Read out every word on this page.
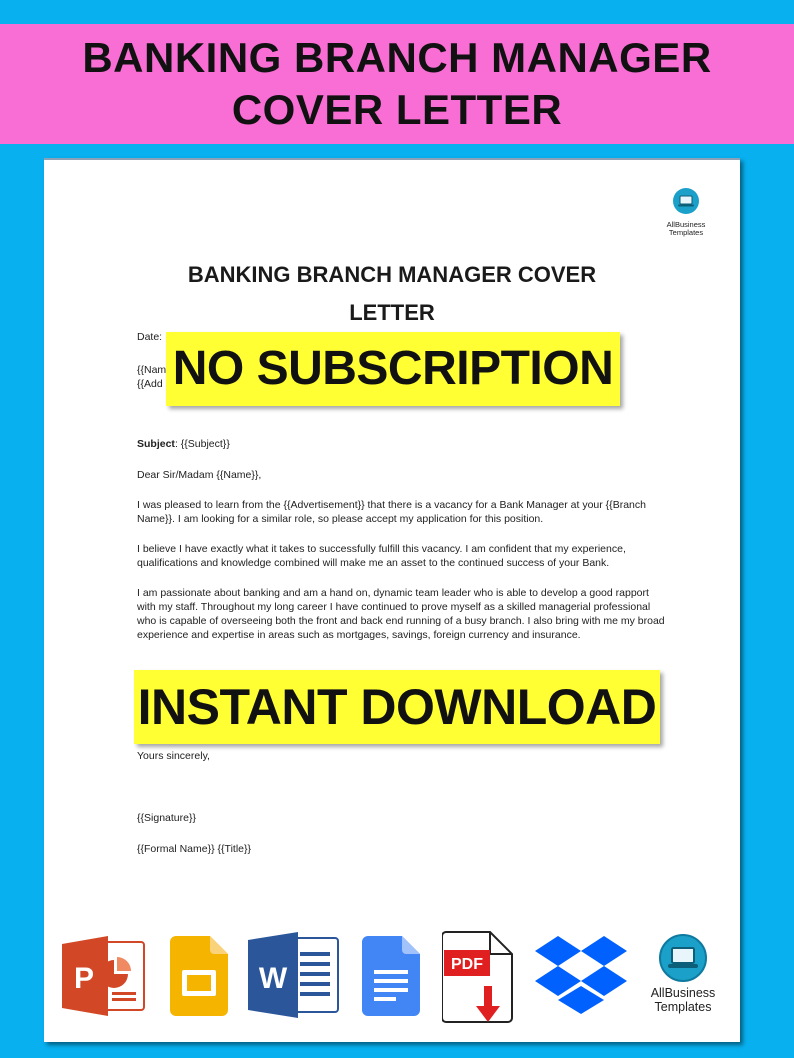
BANKING BRANCH MANAGER COVER LETTER
AllBusiness
Templates
BANKING BRANCH MANAGER COVER
LETTER

Date:

{{Nam

{{Add NO SUBSCRIPTION

Subject: {{Subject}}

Dear Sir/Madam {{Name}},

I was pleased to learn from the {{Advertisement}} that there is a vacancy for a Bank Manager at your {{Branch Name}}. I am looking for a similar role, so please accept my application for this position.

I believe I have exactly what it takes to successfully fulfill this vacancy. I am confident that my experience, qualifications and knowledge combined will make me an asset to the continued success of your Bank.

I am passionate about banking and am a hand on, dynamic team leader who is able to develop a good rapport with my staff. Throughout my long career I have continued to prove myself as a skilled managerial professional who is capable of overseeing both the front and back end running of a busy branch. I also bring with me my broad experience and expertise in areas such as mortgages, savings, foreign currency and insurance.

INSTANT DOWNLOAD

Yours sincerely,

{{Signature}}

{{Formal Name}} {{Title}}

P	W	PDF
AllBusiness
Templates
